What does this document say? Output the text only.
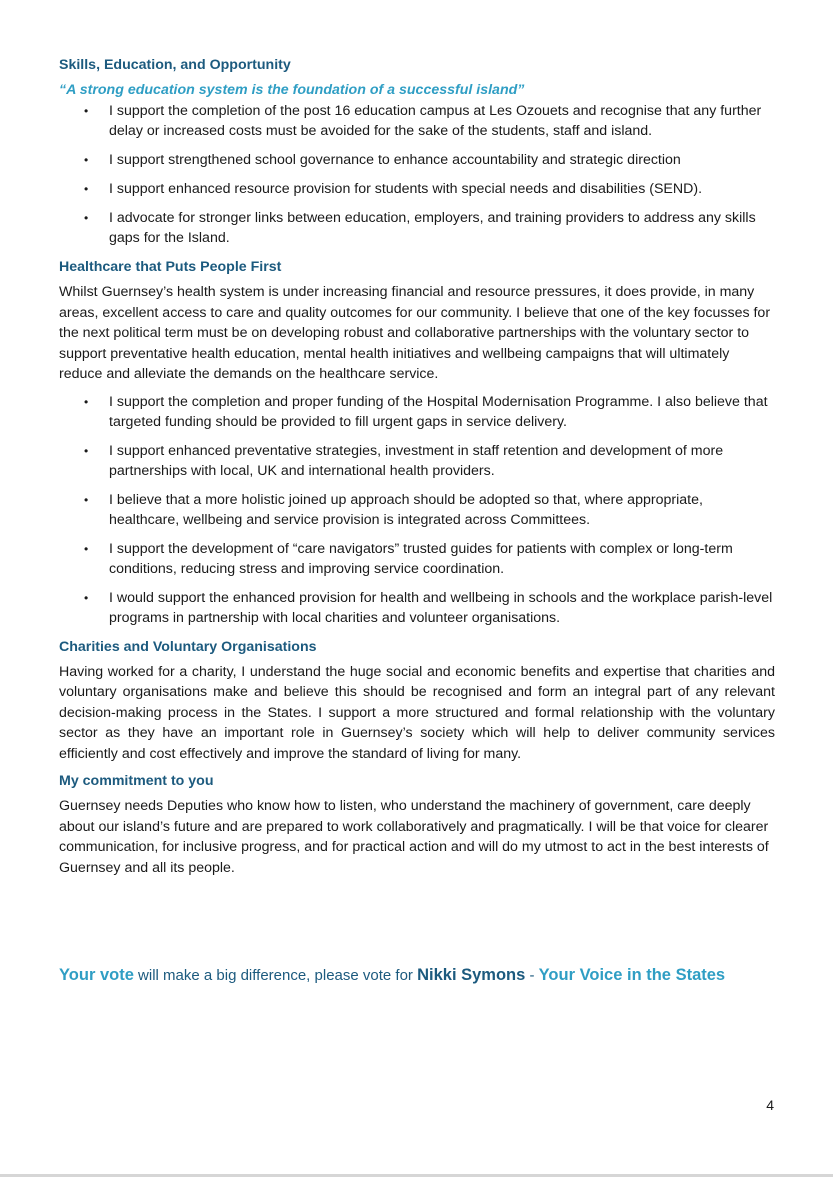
Skills, Education, and Opportunity
“A strong education system is the foundation of a successful island”
• I support the completion of the post 16 education campus at Les Ozouets and recognise that any further delay or increased costs must be avoided for the sake of the students, staff and island.
• I support strengthened school governance to enhance accountability and strategic direction
• I support enhanced resource provision for students with special needs and disabilities (SEND).
• I advocate for stronger links between education, employers, and training providers to address any skills gaps for the Island.
Healthcare that Puts People First
Whilst Guernsey’s health system is under increasing financial and resource pressures, it does provide, in many areas, excellent access to care and quality outcomes for our community. I believe that one of the key focusses for the next political term must be on developing robust and collaborative partnerships with the voluntary sector to support preventative health education, mental health initiatives and wellbeing campaigns that will ultimately reduce and alleviate the demands on the healthcare service.
• I support the completion and proper funding of the Hospital Modernisation Programme. I also believe that targeted funding should be provided to fill urgent gaps in service delivery.
• I support enhanced preventative strategies, investment in staff retention and development of more partnerships with local, UK and international health providers.
• I believe that a more holistic joined up approach should be adopted so that, where appropriate, healthcare, wellbeing and service provision is integrated across Committees.
• I support the development of “care navigators” trusted guides for patients with complex or long-term conditions, reducing stress and improving service coordination.
• I would support the enhanced provision for health and wellbeing in schools and the workplace parish-level programs in partnership with local charities and volunteer organisations.
Charities and Voluntary Organisations
Having worked for a charity, I understand the huge social and economic benefits and expertise that charities and voluntary organisations make and believe this should be recognised and form an integral part of any relevant decision-making process in the States. I support a more structured and formal relationship with the voluntary sector as they have an important role in Guernsey’s society which will help to deliver community services efficiently and cost effectively and improve the standard of living for many.
My commitment to you
Guernsey needs Deputies who know how to listen, who understand the machinery of government, care deeply about our island’s future and are prepared to work collaboratively and pragmatically. I will be that voice for clearer communication, for inclusive progress, and for practical action and will do my utmost to act in the best interests of Guernsey and all its people.
Your vote will make a big difference, please vote for Nikki Symons - Your Voice in the States
4
